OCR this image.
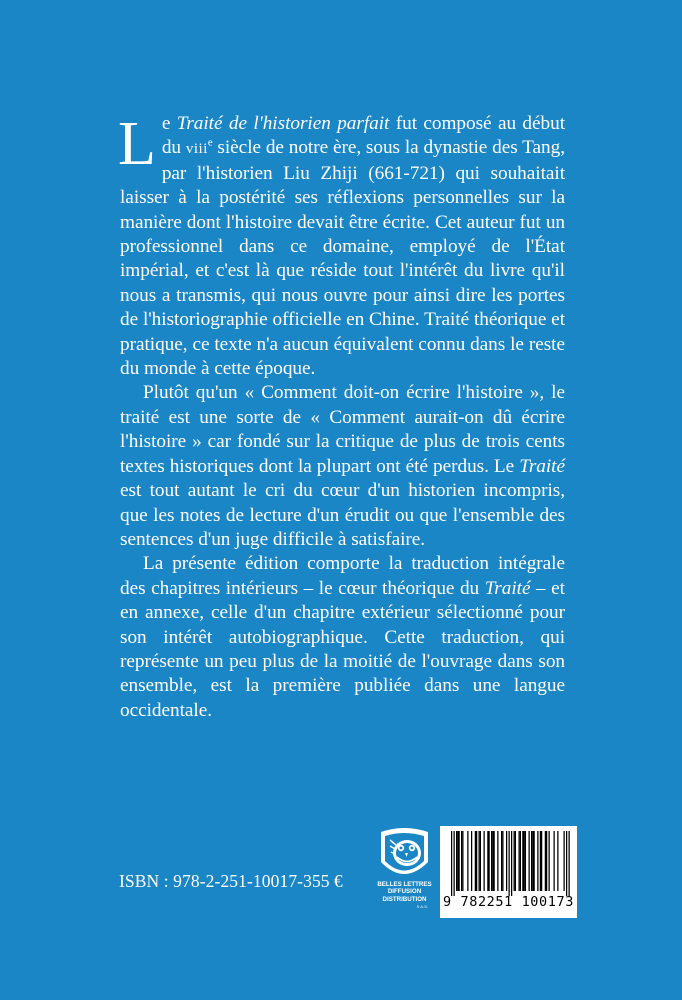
Le Traité de l'historien parfait fut composé au début du viii$^e$ siècle de notre ère, sous la dynastie des Tang, par l'historien Liu Zhiji (661-721) qui souhaitait laisser à la postérité ses réflexions personnelles sur la manière dont l'histoire devait être écrite. Cet auteur fut un professionnel dans ce domaine, employé de l'État impérial, et c'est là que réside tout l'intérêt du livre qu'il nous a transmis, qui nous ouvre pour ainsi dire les portes de l'historiographie officielle en Chine. Traité théorique et pratique, ce texte n'a aucun équivalent connu dans le reste du monde à cette époque.

Plutôt qu'un « Comment doit-on écrire l'histoire », le traité est une sorte de « Comment aurait-on dû écrire l'histoire » car fondé sur la critique de plus de trois cents textes historiques dont la plupart ont été perdus. Le Traité est tout autant le cri du cœur d'un historien incompris, que les notes de lecture d'un érudit ou que l'ensemble des sentences d'un juge difficile à satisfaire.

La présente édition comporte la traduction intégrale des chapitres intérieurs – le cœur théorique du Traité – et en annexe, celle d'un chapitre extérieur sélectionné pour son intérêt autobiographique. Cette traduction, qui représente un peu plus de la moitié de l'ouvrage dans son ensemble, est la première publiée dans une langue occidentale.

ISBN : 978-2-251-10017-3 55 €	BELLES LETTRES
DIFFUSION
DISTRIBUTION
S.A.S. 9 782251 100173
